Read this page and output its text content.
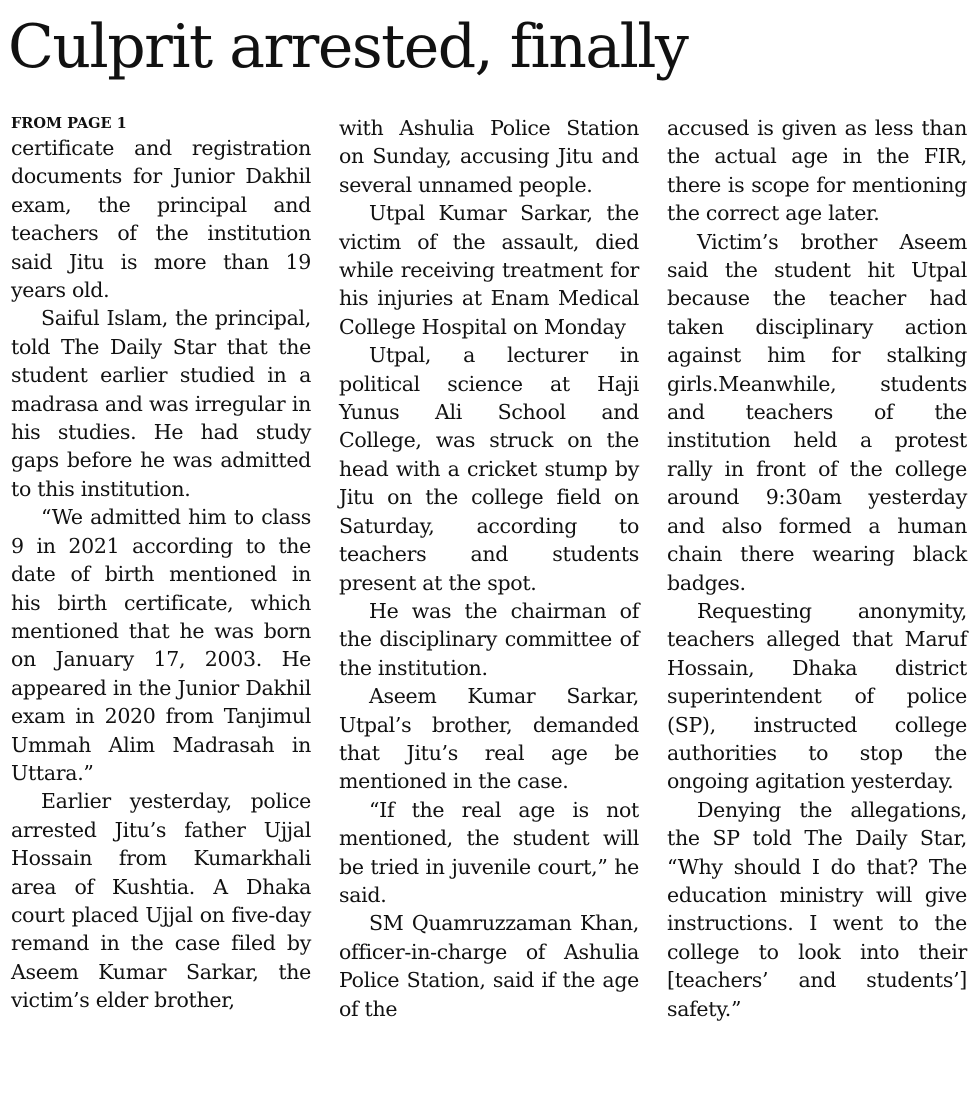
Culprit arrested, finally
FROM PAGE 1

certificate and registration documents for Junior Dakhil exam, the principal and teachers of the institution said Jitu is more than 19 years old.

Saiful Islam, the principal, told The Daily Star that the student earlier studied in a madrasa and was irregular in his studies. He had study gaps before he was admitted to this institution.

“We admitted him to class 9 in 2021 according to the date of birth mentioned in his birth certificate, which mentioned that he was born on January 17, 2003. He appeared in the Junior Dakhil exam in 2020 from Tanjimul Ummah Alim Madrasah in Uttara.”

Earlier yesterday, police arrested Jitu’s father Ujjal Hossain from Kumarkhali area of Kushtia. A Dhaka court placed Ujjal on five-day remand in the case filed by Aseem Kumar Sarkar, the victim’s elder brother,

with Ashulia Police Station on Sunday, accusing Jitu and several unnamed people.

Utpal Kumar Sarkar, the victim of the assault, died while receiving treatment for his injuries at Enam Medical College Hospital on Monday

Utpal, a lecturer in political science at Haji Yunus Ali School and College, was struck on the head with a cricket stump by Jitu on the college field on Saturday, according to teachers and students present at the spot.

He was the chairman of the disciplinary committee of the institution.

Aseem Kumar Sarkar, Utpal’s brother, demanded that Jitu’s real age be mentioned in the case.

“If the real age is not mentioned, the student will be tried in juvenile court,” he said.

SM Quamruzzaman Khan, officer-in-charge of Ashulia Police Station, said if the age of the

accused is given as less than the actual age in the FIR, there is scope for mentioning the correct age later.

Victim’s brother Aseem said the student hit Utpal because the teacher had taken disciplinary action against him for stalking girls.Meanwhile, students and teachers of the institution held a protest rally in front of the college around 9:30am yesterday and also formed a human chain there wearing black badges.

Requesting anonymity, teachers alleged that Maruf Hossain, Dhaka district superintendent of police (SP), instructed college authorities to stop the ongoing agitation yesterday.

Denying the allegations, the SP told The Daily Star, “Why should I do that? The education ministry will give instructions. I went to the college to look into their [teachers’ and students’] safety.”
